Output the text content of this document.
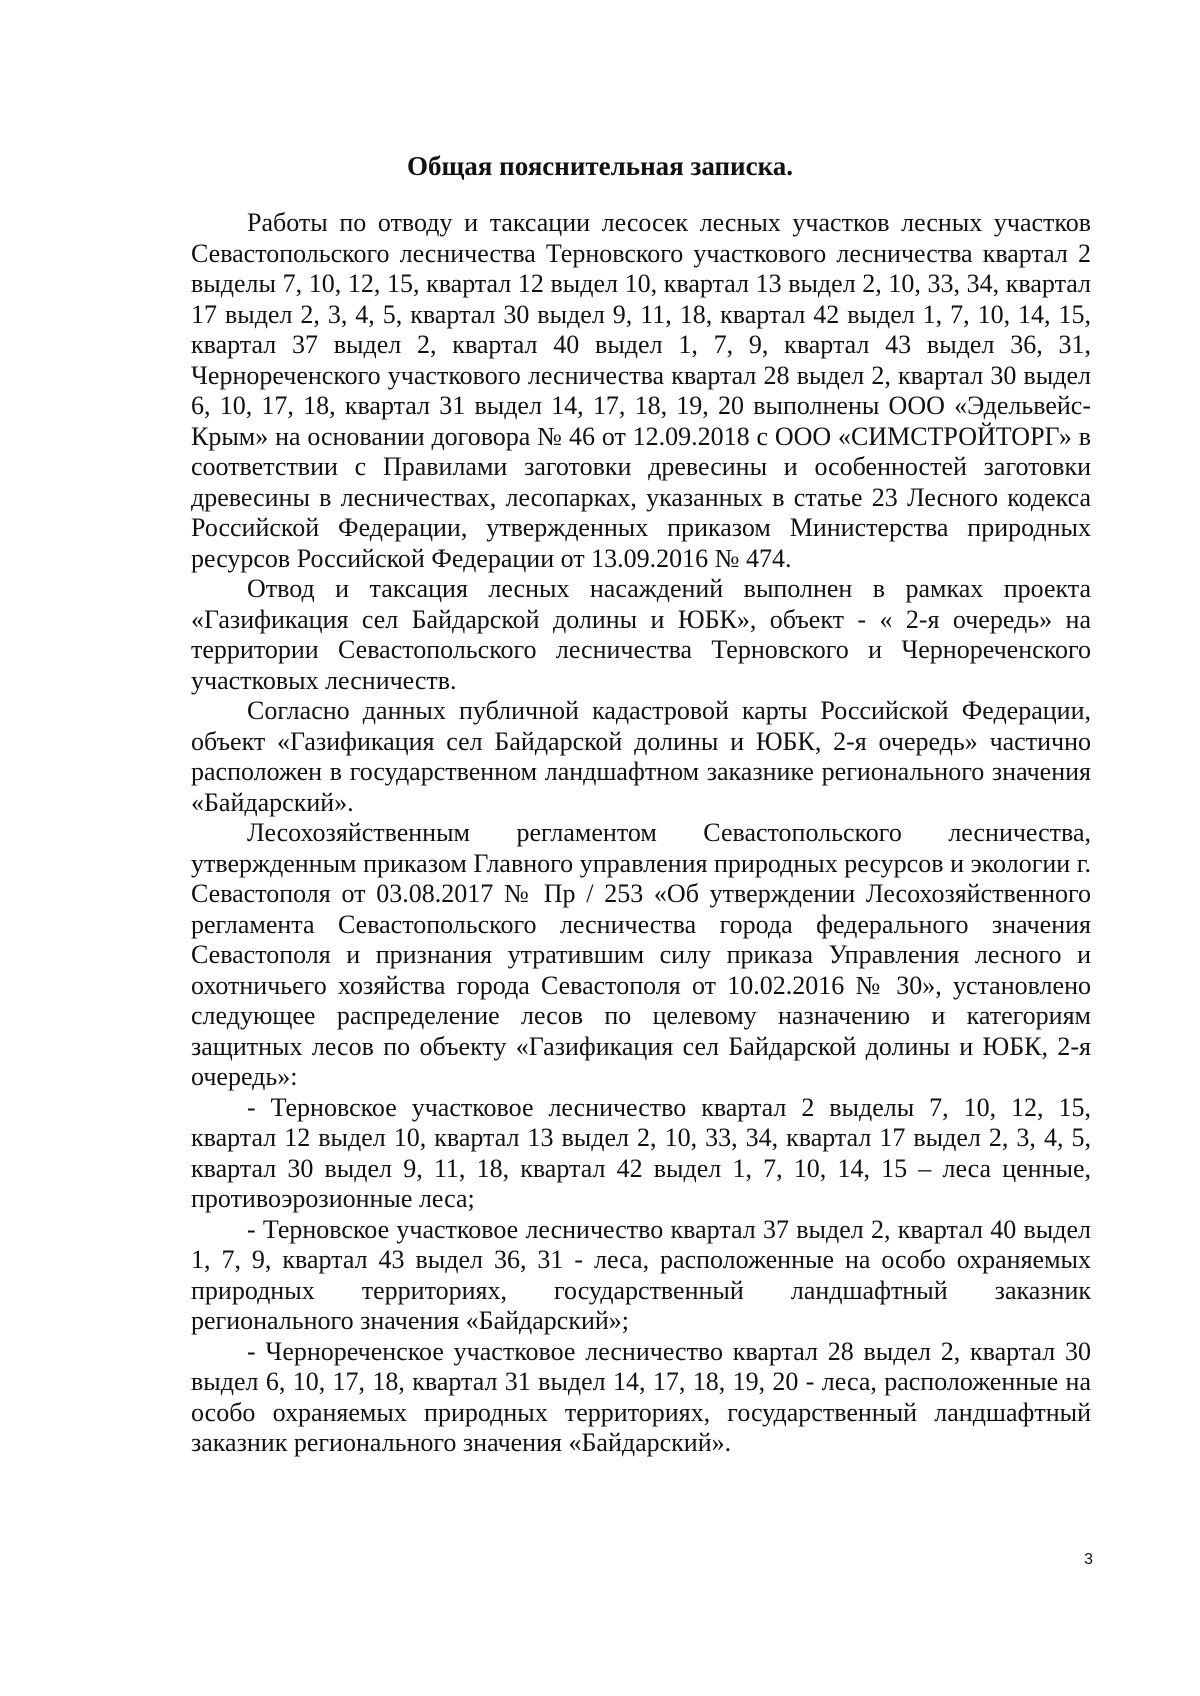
Общая пояснительная записка.

Работы по отводу и таксации лесосек лесных участков лесных участков Севастопольского лесничества Терновского участкового лесничества квартал 2 выделы 7, 10, 12, 15, квартал 12 выдел 10, квартал 13 выдел 2, 10, 33, 34, квартал 17 выдел 2, 3, 4, 5, квартал 30 выдел 9, 11, 18, квартал 42 выдел 1, 7, 10, 14, 15, квартал 37 выдел 2, квартал 40 выдел 1, 7, 9, квартал 43 выдел 36, 31, Чернореченского участкового лесничества квартал 28 выдел 2, квартал 30 выдел 6, 10, 17, 18, квартал 31 выдел 14, 17, 18, 19, 20 выполнены ООО «Эдельвейс-Крым» на основании договора № 46 от 12.09.2018 с ООО «СИМСТРОЙТОРГ» в соответствии с Правилами заготовки древесины и особенностей заготовки древесины в лесничествах, лесопарках, указанных в статье 23 Лесного кодекса Российской Федерации, утвержденных приказом Министерства природных ресурсов Российской Федерации от 13.09.2016 № 474.

Отвод и таксация лесных насаждений выполнен в рамках проекта «Газификация сел Байдарской долины и ЮБК», объект - « 2-я очередь» на территории Севастопольского лесничества Терновского и Чернореченского участковых лесничеств.

Согласно данных публичной кадастровой карты Российской Федерации, объект «Газификация сел Байдарской долины и ЮБК, 2-я очередь» частично расположен в государственном ландшафтном заказнике регионального значения «Байдарский».

Лесохозяйственным регламентом Севастопольского лесничества, утвержденным приказом Главного управления природных ресурсов и экологии г. Севастополя от 03.08.2017 № Пр / 253 «Об утверждении Лесохозяйственного регламента Севастопольского лесничества города федерального значения Севастополя и признания утратившим силу приказа Управления лесного и охотничьего хозяйства города Севастополя от 10.02.2016 № 30», установлено следующее распределение лесов по целевому назначению и категориям защитных лесов по объекту «Газификация сел Байдарской долины и ЮБК, 2-я очередь»:

- Терновское участковое лесничество квартал 2 выделы 7, 10, 12, 15, квартал 12 выдел 10, квартал 13 выдел 2, 10, 33, 34, квартал 17 выдел 2, 3, 4, 5, квартал 30 выдел 9, 11, 18, квартал 42 выдел 1, 7, 10, 14, 15 – леса ценные, противоэрозионные леса;

- Терновское участковое лесничество квартал 37 выдел 2, квартал 40 выдел 1, 7, 9, квартал 43 выдел 36, 31 - леса, расположенные на особо охраняемых природных территориях, государственный ландшафтный заказник регионального значения «Байдарский»;

- Чернореченское участковое лесничество квартал 28 выдел 2, квартал 30 выдел 6, 10, 17, 18, квартал 31 выдел 14, 17, 18, 19, 20 - леса, расположенные на особо охраняемых природных территориях, государственный ландшафтный заказник регионального значения «Байдарский».

3
